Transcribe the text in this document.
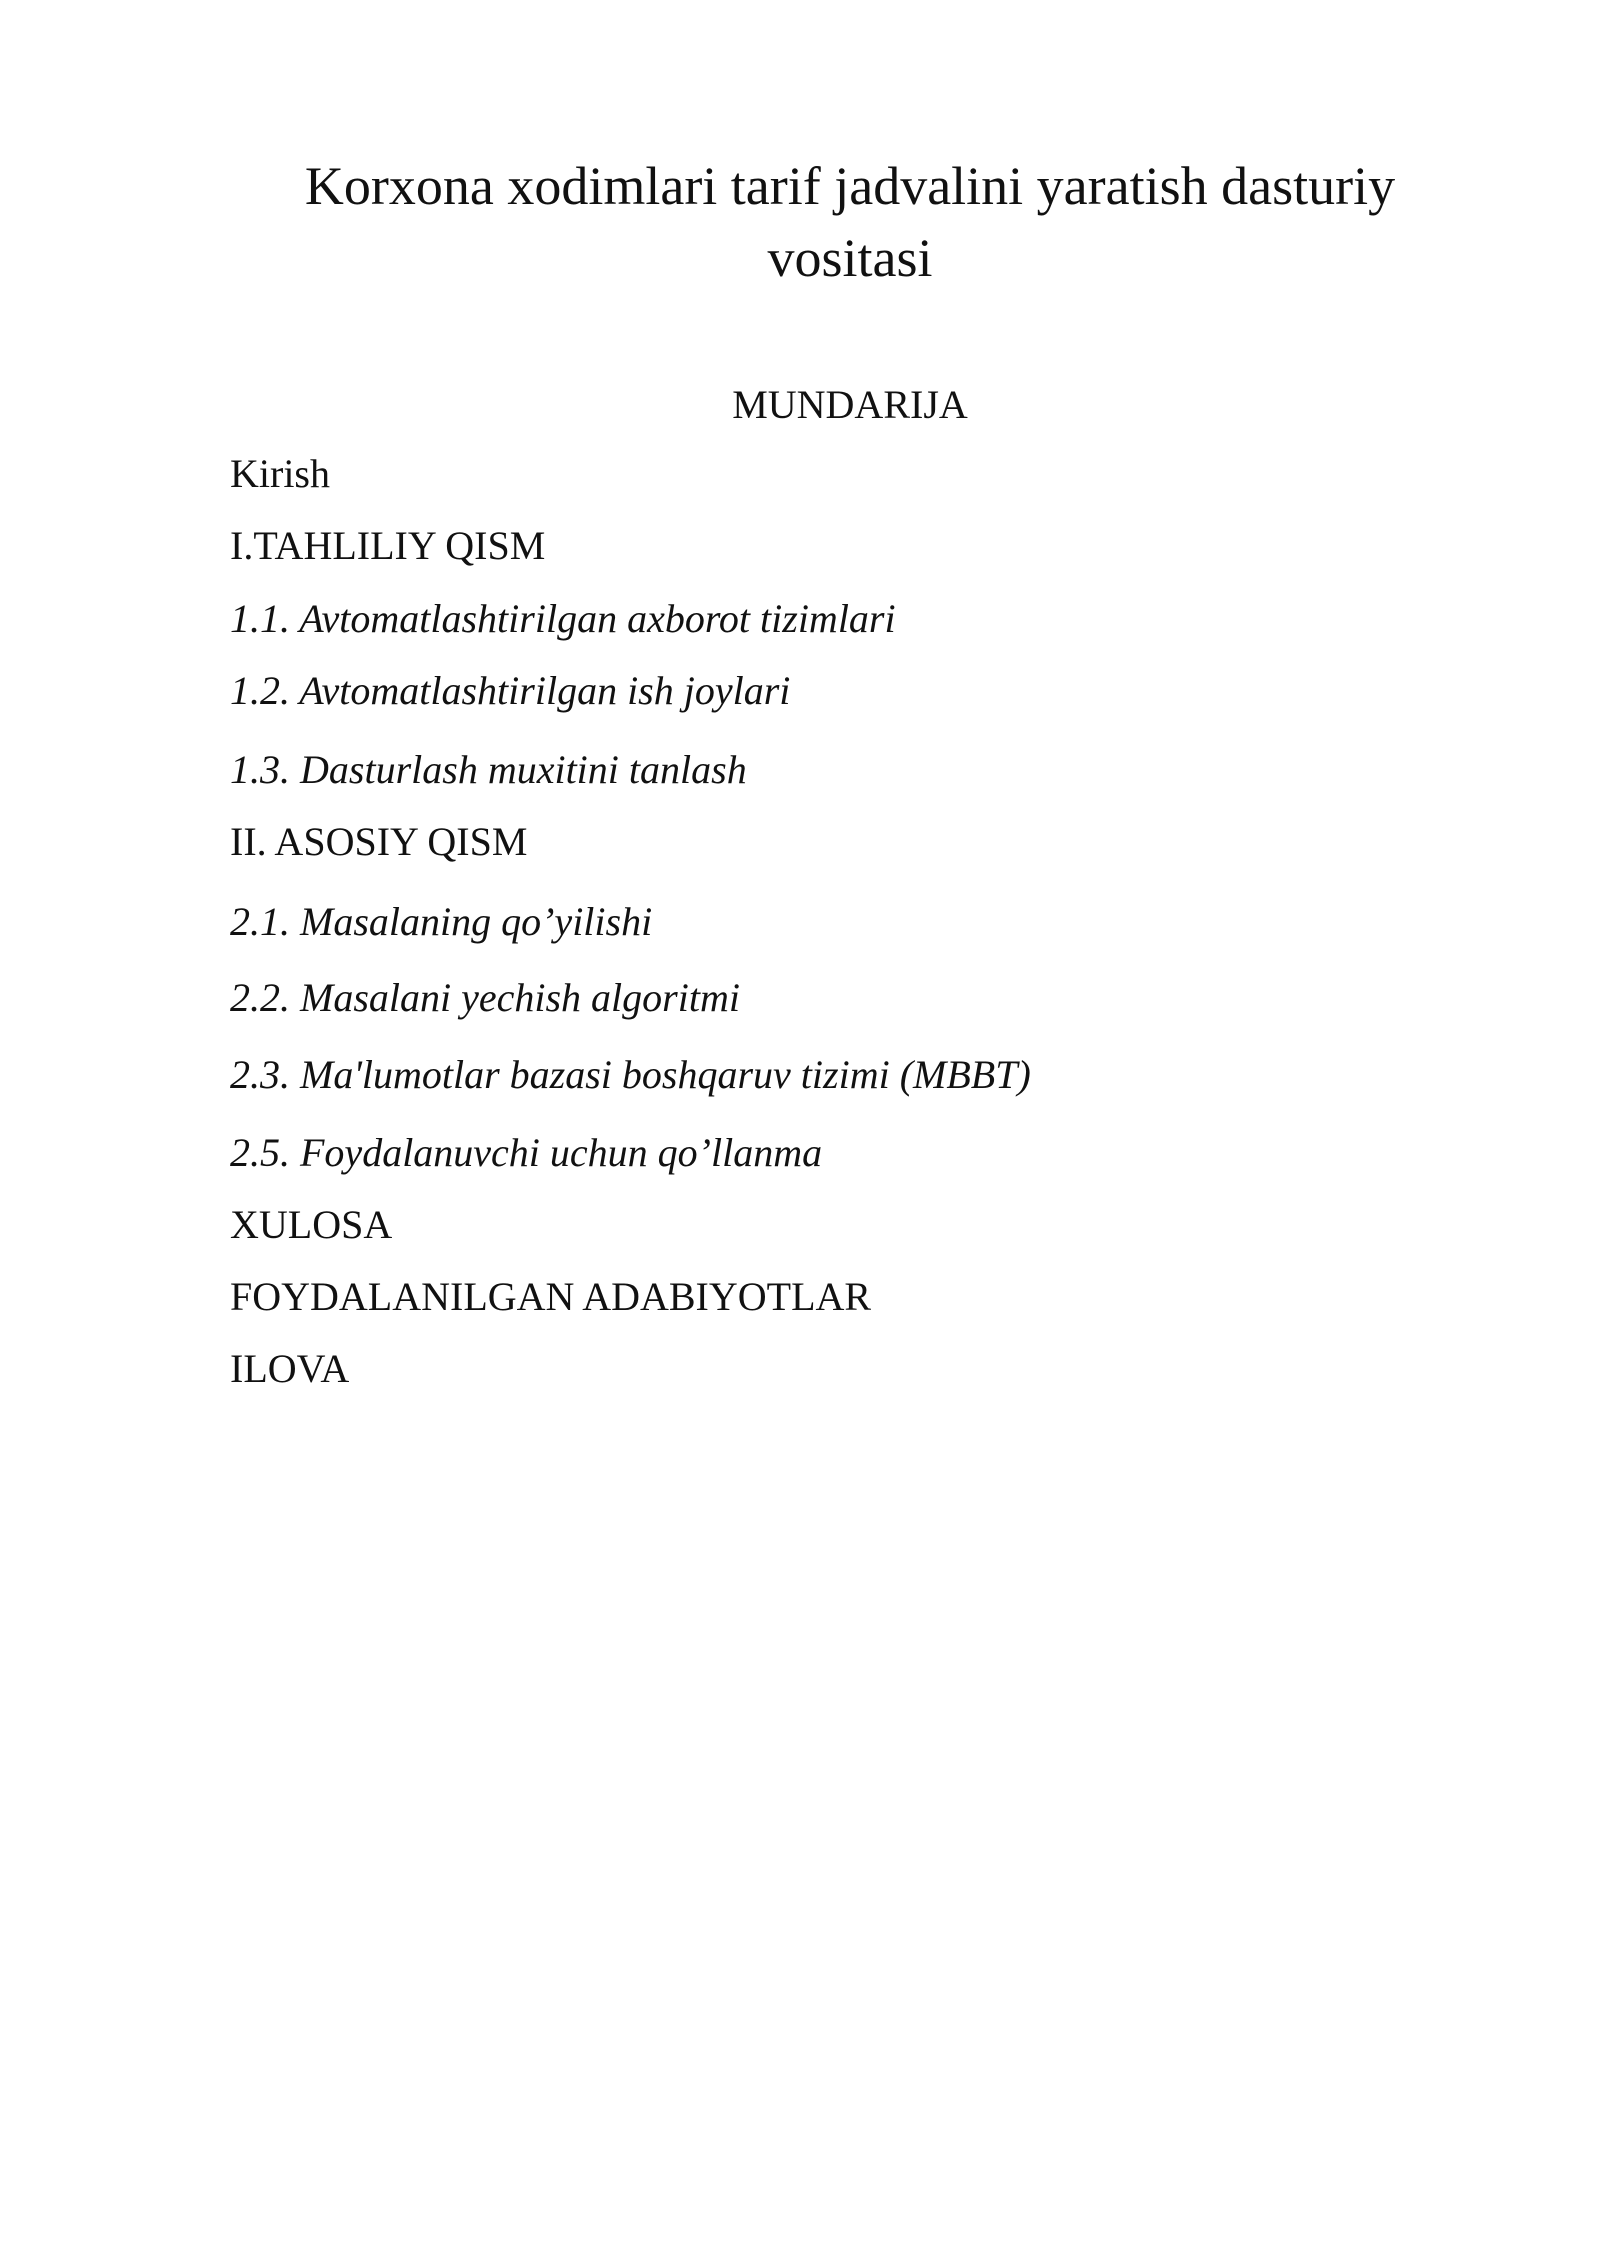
Korxona xodimlari tarif jadvalini yaratish dasturiy vositasi
MUNDARIJA
Kirish
I.TAHLILIY QISM
1.1. Avtomatlashtirilgan axborot tizimlari
1.2. Avtomatlashtirilgan ish joylari
1.3. Dasturlash muxitini tanlash
II. ASOSIY QISM
2.1. Masalaning qo’yilishi
2.2. Masalani yechish algoritmi
2.3. Ma'lumotlar bazasi boshqaruv tizimi (MBBT)
2.5. Foydalanuvchi uchun qo’llanma
XULOSA
FOYDALANILGAN ADABIYOTLAR
ILOVA
